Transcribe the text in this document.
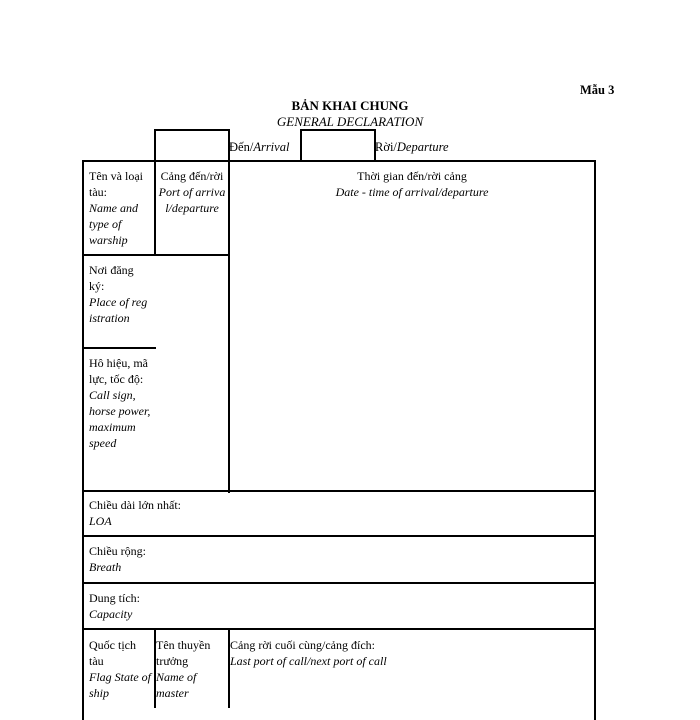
Mẫu 3
BẢN KHAI CHUNG
GENERAL DECLARATION
Đến/Arrival	Rời/Departure
Tên và loại tàu:
Name and type of warship
Cảng đến/rời
Port of arrival/departure
Thời gian đến/rời cảng
Date - time of arrival/departure
Nơi đăng ký:
Place of registration
Hô hiệu, mã lực, tốc độ:
Call sign, horse power, maximum speed
Chiều dài lớn nhất:
LOA
Chiều rộng:
Breath
Dung tích:
Capacity
Quốc tịch tàu
Flag State of ship
Tên thuyền trưởng
Name of master
Cảng rời cuối cùng/cảng đích:
Last port of call/next port of call
